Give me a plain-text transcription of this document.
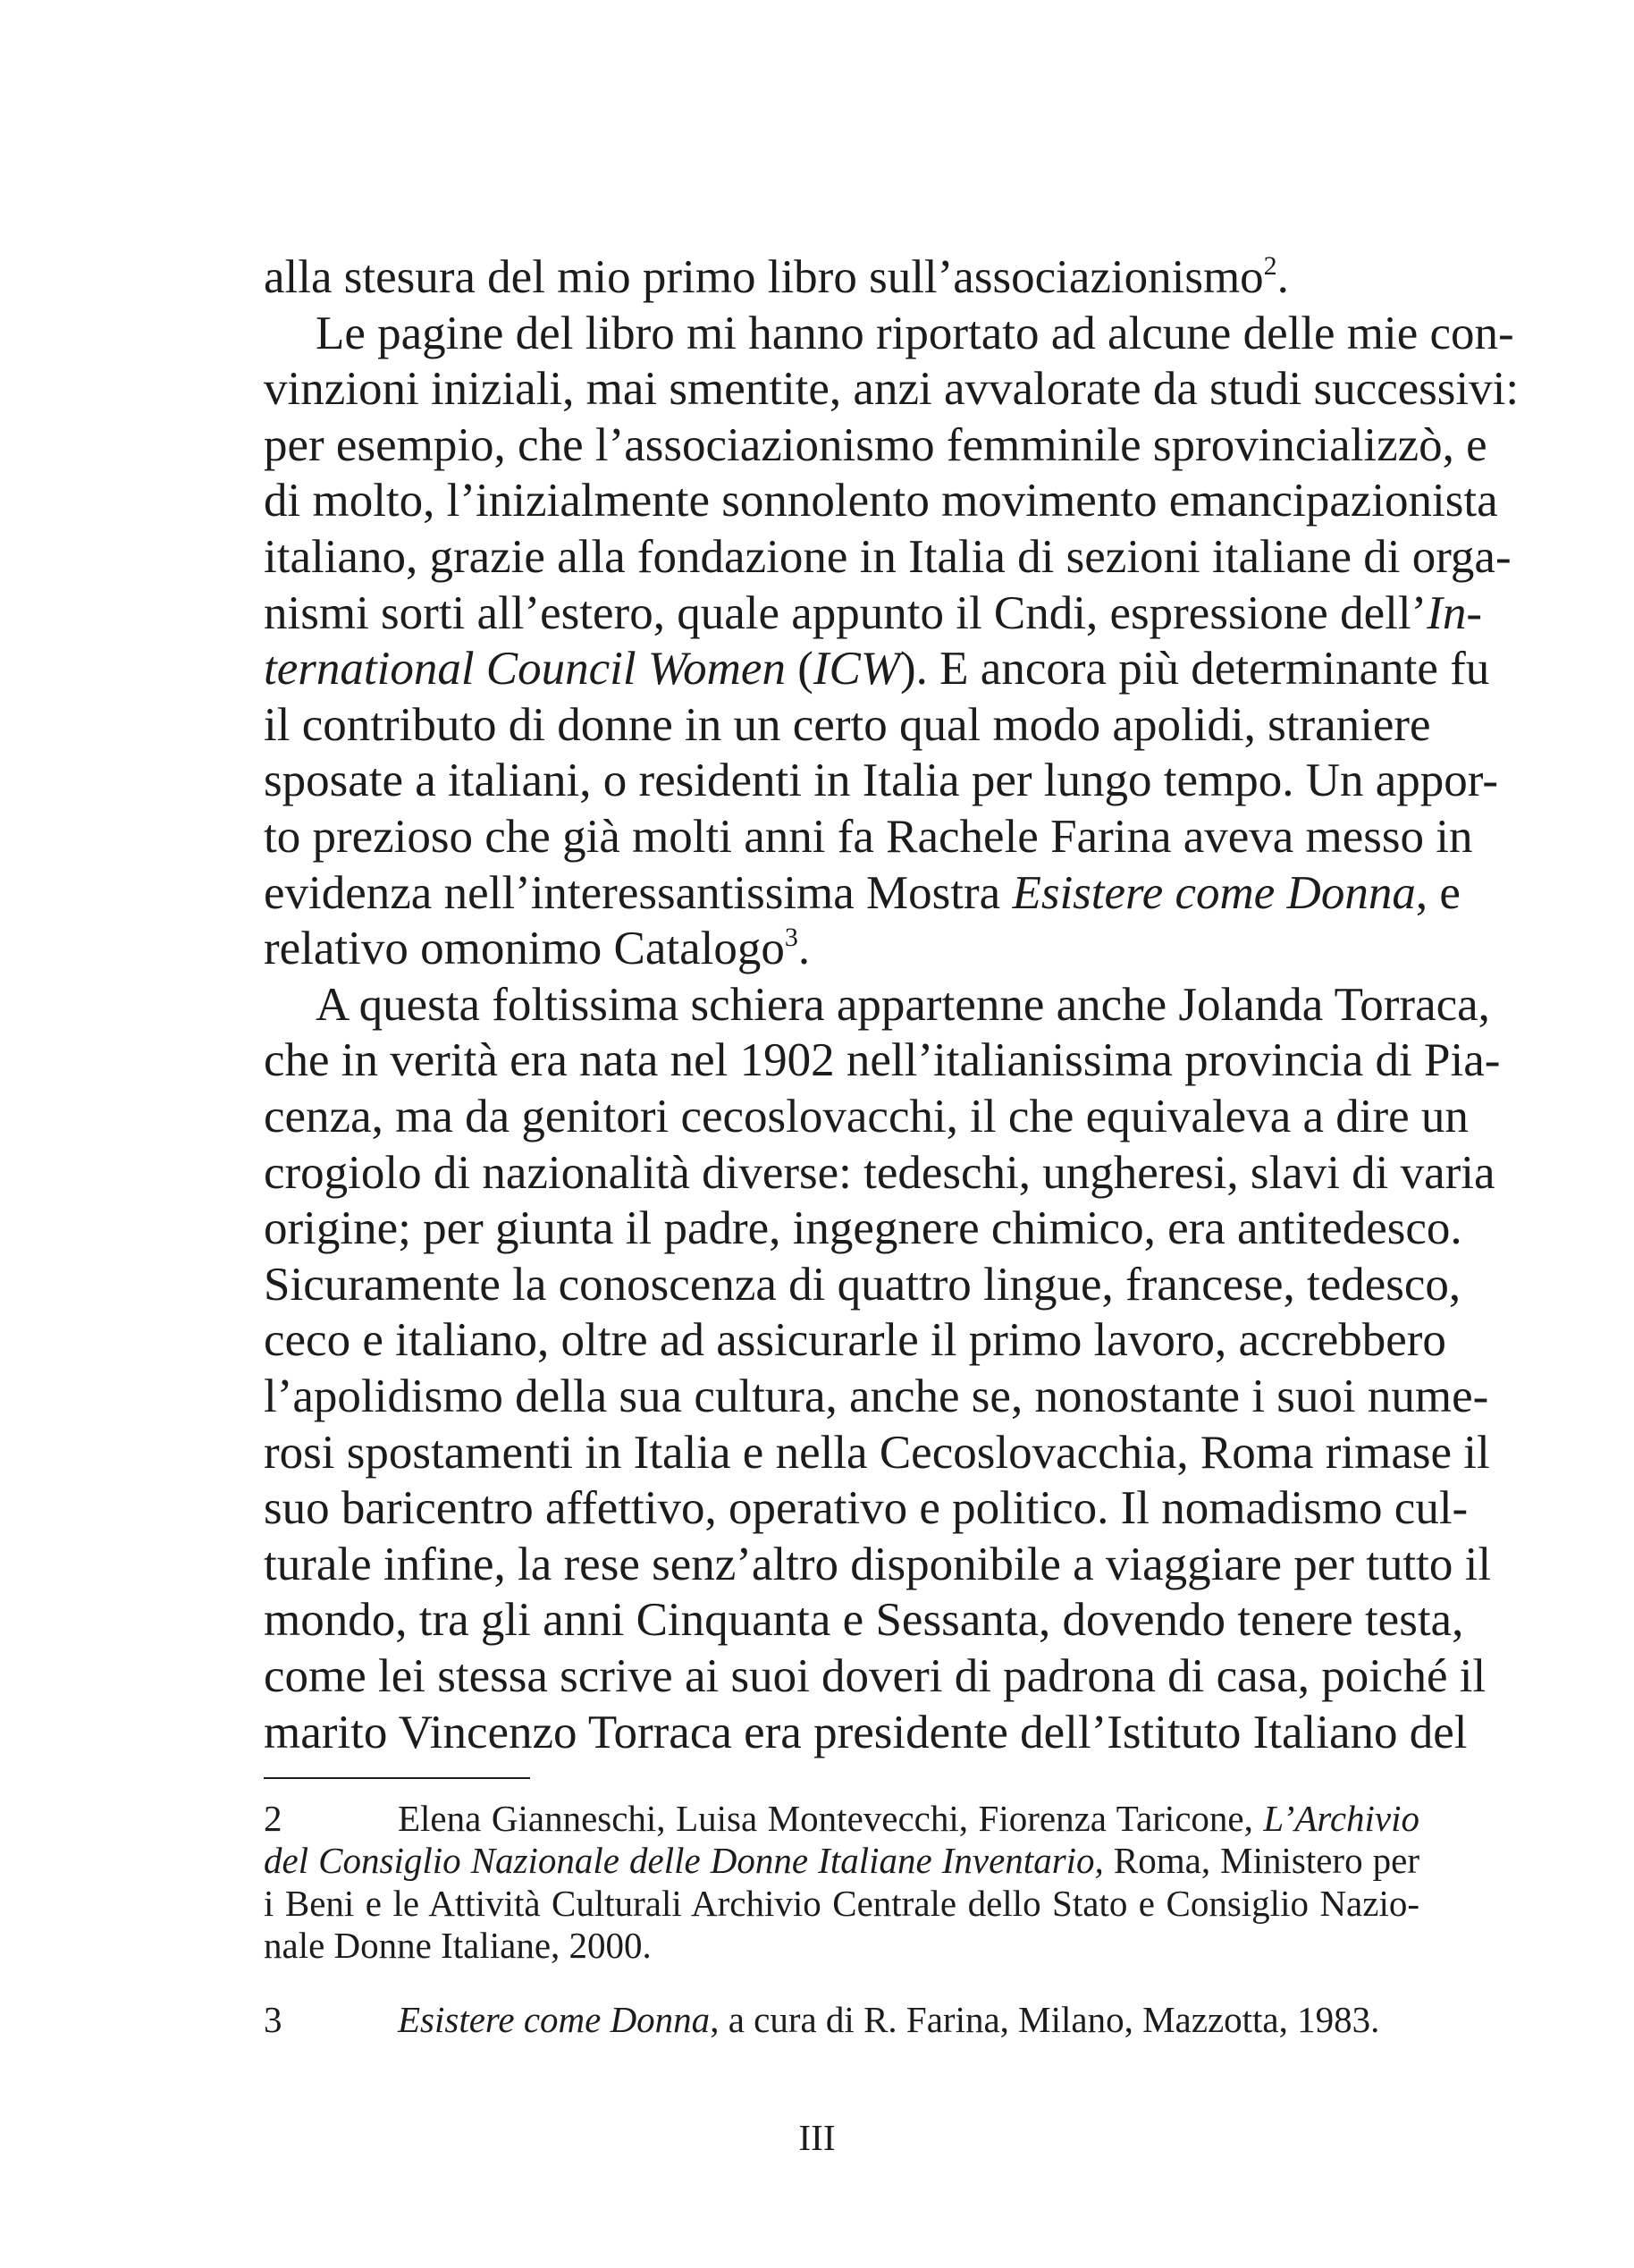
alla stesura del mio primo libro sull’associazionismo$^2$.
Le pagine del libro mi hanno riportato ad alcune delle mie con-
vinzioni iniziali, mai smentite, anzi avvalorate da studi successivi:
per esempio, che l’associazionismo femminile sprovincializzò, e
di molto, l’inizialmente sonnolento movimento emancipazionista
italiano, grazie alla fondazione in Italia di sezioni italiane di orga-
nismi sorti all’estero, quale appunto il Cndi, espressione dell’In-
ternational Council Women (ICW). E ancora più determinante fu
il contributo di donne in un certo qual modo apolidi, straniere
sposate a italiani, o residenti in Italia per lungo tempo. Un appor-
to prezioso che già molti anni fa Rachele Farina aveva messo in
evidenza nell’interessantissima Mostra Esistere come Donna, e
relativo omonimo Catalogo$^3$.
A questa foltissima schiera appartenne anche Jolanda Torraca,
che in verità era nata nel 1902 nell’italianissima provincia di Pia-
cenza, ma da genitori cecoslovacchi, il che equivaleva a dire un
crogiolo di nazionalità diverse: tedeschi, ungheresi, slavi di varia
origine; per giunta il padre, ingegnere chimico, era antitedesco.
Sicuramente la conoscenza di quattro lingue, francese, tedesco,
ceco e italiano, oltre ad assicurarle il primo lavoro, accrebbero
l’apolidismo della sua cultura, anche se, nonostante i suoi nume-
rosi spostamenti in Italia e nella Cecoslovacchia, Roma rimase il
suo baricentro affettivo, operativo e politico. Il nomadismo cul-
turale infine, la rese senz’altro disponibile a viaggiare per tutto il
mondo, tra gli anni Cinquanta e Sessanta, dovendo tenere testa,
come lei stessa scrive ai suoi doveri di padrona di casa, poiché il
marito Vincenzo Torraca era presidente dell’Istituto Italiano del
2	Elena Gianneschi, Luisa Montevecchi, Fiorenza Taricone, L’Archivio
del Consiglio Nazionale delle Donne Italiane Inventario, Roma, Ministero per
i Beni e le Attività Culturali Archivio Centrale dello Stato e Consiglio Nazio-
nale Donne Italiane, 2000.
3	Esistere come Donna, a cura di R. Farina, Milano, Mazzotta, 1983.
III
